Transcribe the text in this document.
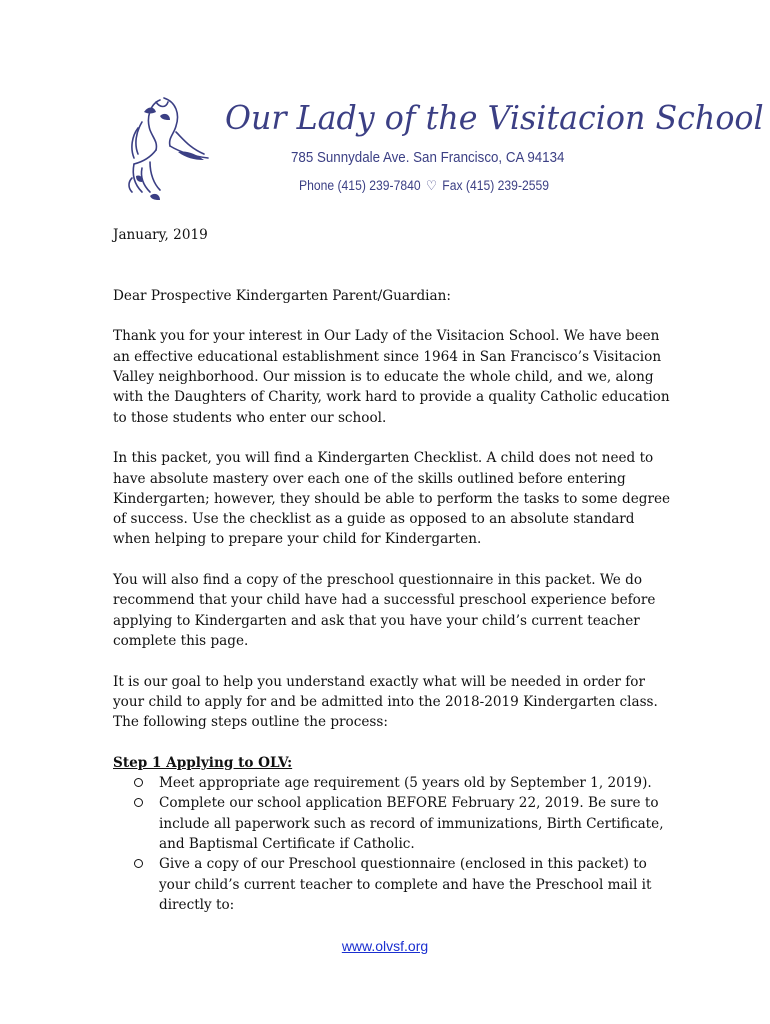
Our Lady of the Visitacion School
785 Sunnydale Ave. San Francisco, CA 94134
Phone (415) 239-7840 ♡ Fax (415) 239-2559

January, 2019

Dear Prospective Kindergarten Parent/Guardian:

Thank you for your interest in Our Lady of the Visitacion School. We have been an effective educational establishment since 1964 in San Francisco’s Visitacion Valley neighborhood. Our mission is to educate the whole child, and we, along with the Daughters of Charity, work hard to provide a quality Catholic education to those students who enter our school.

In this packet, you will find a Kindergarten Checklist. A child does not need to have absolute mastery over each one of the skills outlined before entering Kindergarten; however, they should be able to perform the tasks to some degree of success. Use the checklist as a guide as opposed to an absolute standard when helping to prepare your child for Kindergarten.

You will also find a copy of the preschool questionnaire in this packet. We do recommend that your child have had a successful preschool experience before applying to Kindergarten and ask that you have your child’s current teacher complete this page.

It is our goal to help you understand exactly what will be needed in order for your child to apply for and be admitted into the 2018-2019 Kindergarten class. The following steps outline the process:

Step 1 Applying to OLV:

Meet appropriate age requirement (5 years old by September 1, 2019).
Complete our school application BEFORE February 22, 2019. Be sure to include all paperwork such as record of immunizations, Birth Certificate, and Baptismal Certificate if Catholic.
Give a copy of our Preschool questionnaire (enclosed in this packet) to your child’s current teacher to complete and have the Preschool mail it directly to:
www.olvsf.org
